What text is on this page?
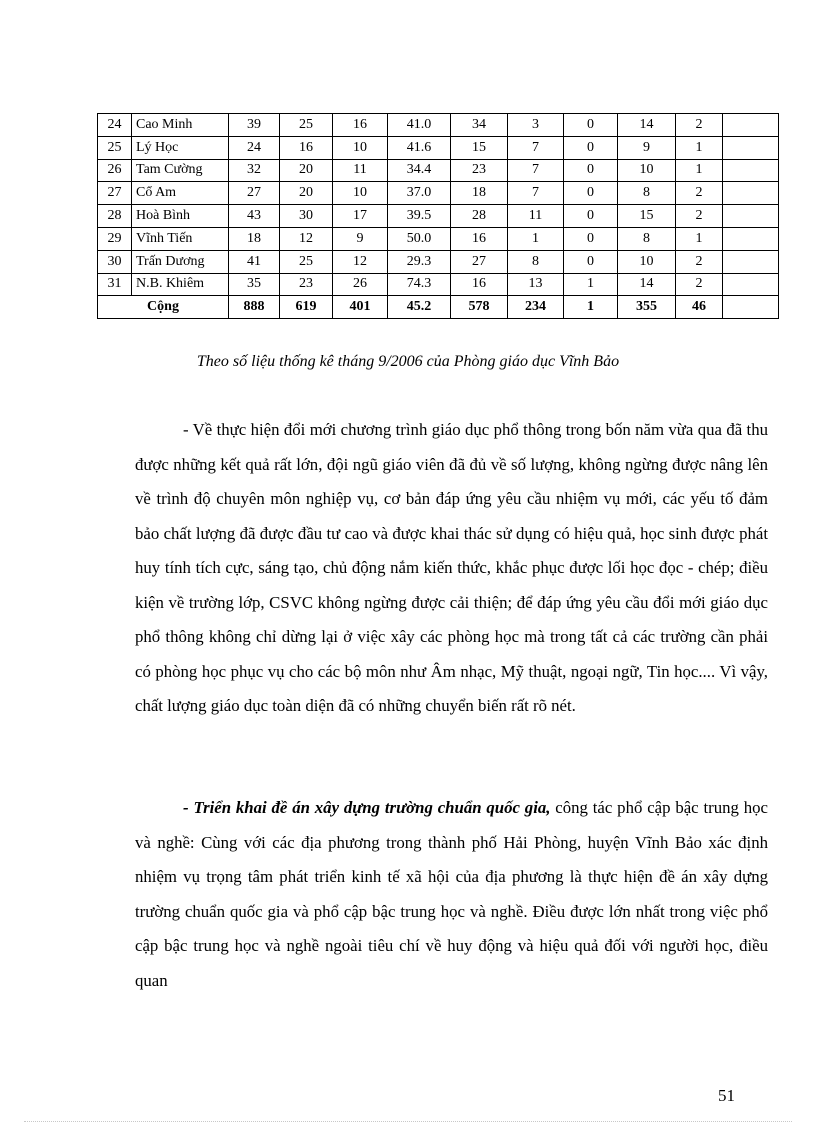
24	Cao Minh	39	25	16	41.0	34	3	0	14	2	
25	Lý Học	24	16	10	41.6	15	7	0	9	1	
26	Tam Cường	32	20	11	34.4	23	7	0	10	1	
27	Cổ Am	27	20	10	37.0	18	7	0	8	2	
28	Hoà Bình	43	30	17	39.5	28	11	0	15	2	
29	Vĩnh Tiến	18	12	9	50.0	16	1	0	8	1	
30	Trấn Dương	41	25	12	29.3	27	8	0	10	2	
31	N.B. Khiêm	35	23	26	74.3	16	13	1	14	2	
Cộng		888	619	401	45.2	578	234	1	355	46	
Theo số liệu thống kê tháng 9/2006 của Phòng giáo dục Vĩnh Bảo

- Về thực hiện đổi mới chương trình giáo dục phổ thông trong bốn năm vừa qua đã thu được những kết quả rất lớn, đội ngũ giáo viên đã đủ về số lượng, không ngừng được nâng lên về trình độ chuyên môn nghiệp vụ, cơ bản đáp ứng yêu cầu nhiệm vụ mới, các yếu tố đảm bảo chất lượng đã được đầu tư cao và được khai thác sử dụng có hiệu quả, học sinh được phát huy tính tích cực, sáng tạo, chủ động nắm kiến thức, khắc phục được lối học đọc - chép; điều kiện về trường lớp, CSVC không ngừng được cải thiện; để đáp ứng yêu cầu đổi mới giáo dục phổ thông không chỉ dừng lại ở việc xây các phòng học mà trong tất cả các trường cần phải có phòng học phục vụ cho các bộ môn như Âm nhạc, Mỹ thuật, ngoại ngữ, Tin học.... Vì vậy, chất lượng giáo dục toàn diện đã có những chuyển biến rất rõ nét.

- Triển khai đề án xây dựng trường chuẩn quốc gia, công tác phổ cập bậc trung học và nghề: Cùng với các địa phương trong thành phố Hải Phòng, huyện Vĩnh Bảo xác định nhiệm vụ trọng tâm phát triển kinh tế xã hội của địa phương là thực hiện đề án xây dựng trường chuẩn quốc gia và phổ cập bậc trung học và nghề. Điều được lớn nhất trong việc phổ cập bậc trung học và nghề ngoài tiêu chí về huy động và hiệu quả đối với người học, điều quan

51
